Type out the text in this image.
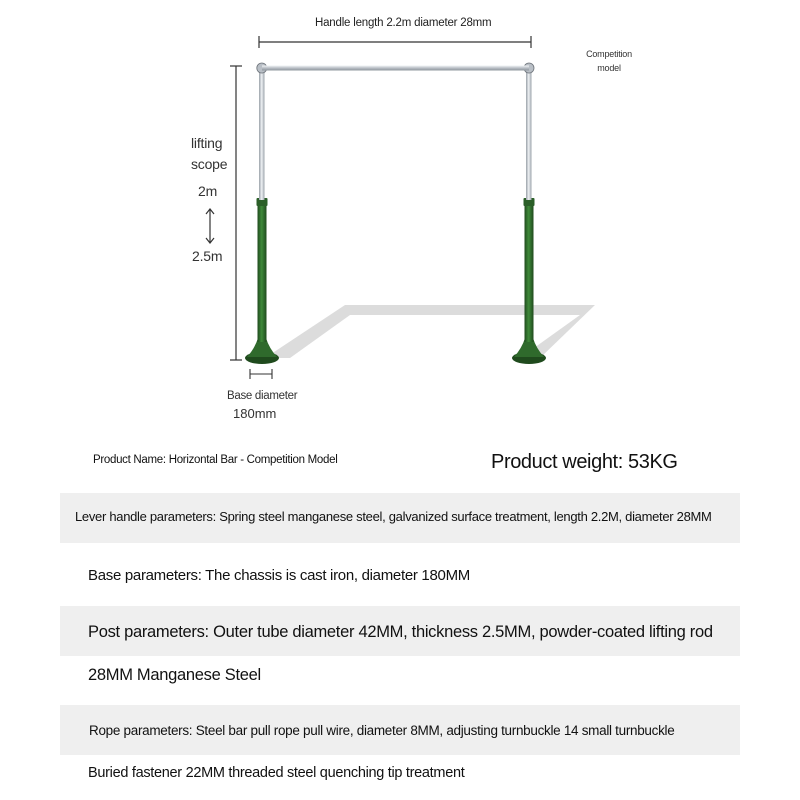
Handle length 2.2m diameter 28mm
Competition
model
lifting
scope
2m
2.5m
Base diameter
180mm
Product Name: Horizontal Bar - Competition Model	Product weight: 53KG
Lever handle parameters: Spring steel manganese steel, galvanized surface treatment, length 2.2M, diameter 28MM
Base parameters: The chassis is cast iron, diameter 180MM
Post parameters: Outer tube diameter 42MM, thickness 2.5MM, powder-coated lifting rod
28MM Manganese Steel
Rope parameters: Steel bar pull rope pull wire, diameter 8MM, adjusting turnbuckle 14 small turnbuckle
Buried fastener 22MM threaded steel quenching tip treatment
